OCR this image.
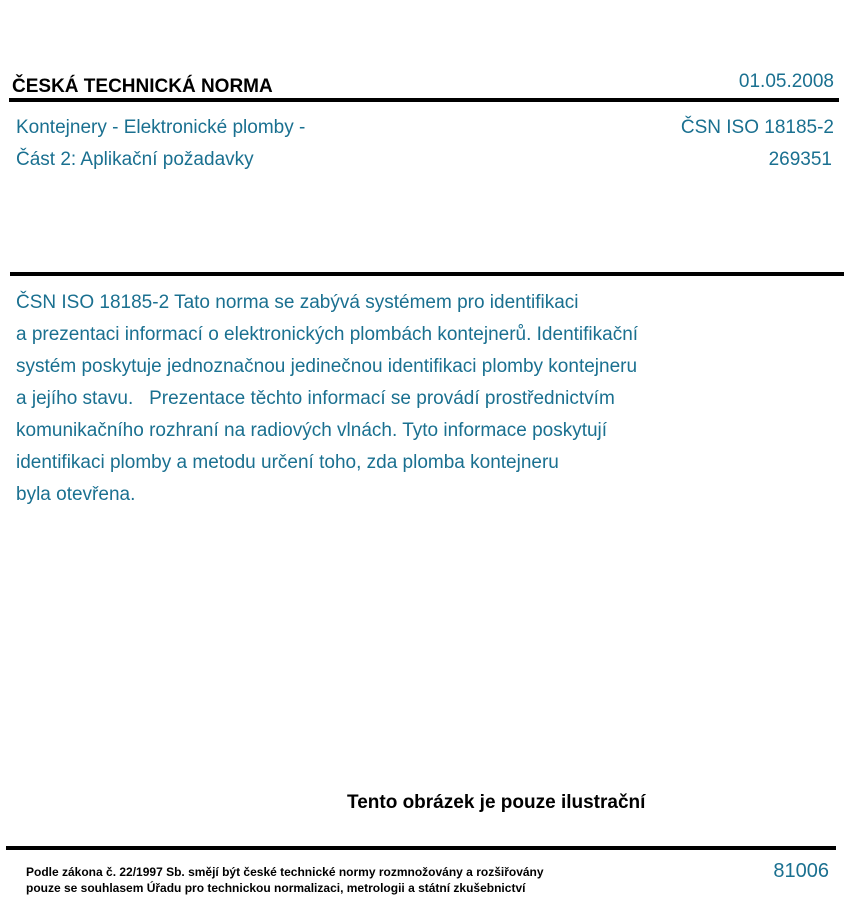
ČESKÁ TECHNICKÁ NORMA	01.05.2008
Kontejnery - Elektronické plomby -
Část 2: Aplikační požadavky
ČSN ISO 18185-2
269351
ČSN ISO 18185-2 Tato norma se zabývá systémem pro identifikaci
a prezentaci informací o elektronických plombách kontejnerů. Identifikační
systém poskytuje jednoznačnou jedinečnou identifikaci plomby kontejneru
a jejího stavu.   Prezentace těchto informací se provádí prostřednictvím
komunikačního rozhraní na radiových vlnách. Tyto informace poskytují
identifikaci plomby a metodu určení toho, zda plomba kontejneru
byla otevřena.
Tento obrázek je pouze ilustrační
Podle zákona č. 22/1997 Sb. smějí být české technické normy rozmnožovány a rozšiřovány
pouze se souhlasem Úřadu pro technickou normalizaci, metrologii a státní zkušebnictví
81006
